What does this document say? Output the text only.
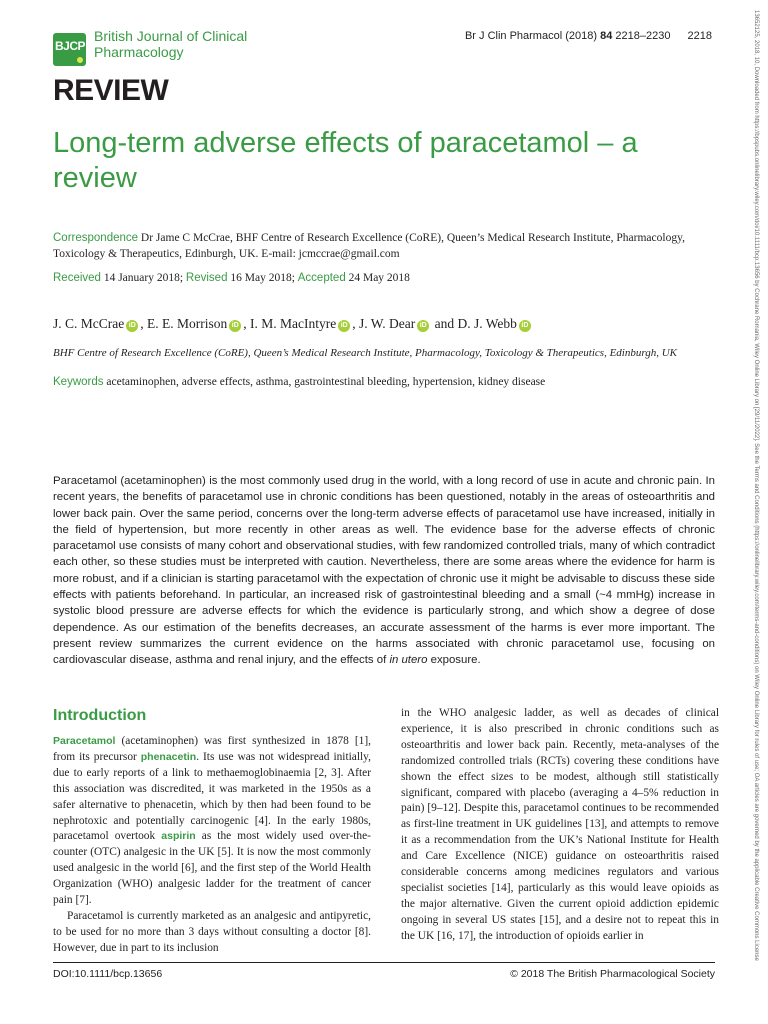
BJCP
British Journal of Clinical
Pharmacology
Br J Clin Pharmacol (2018) 84 2218–2230 2218
REVIEW
Long-term adverse effects of paracetamol – a review
Correspondence Dr Jame C McCrae, BHF Centre of Research Excellence (CoRE), Queen’s Medical Research Institute, Pharmacology, Toxicology & Therapeutics, Edinburgh, UK. E-mail: jcmccrae@gmail.com
Received 14 January 2018; Revised 16 May 2018; Accepted 24 May 2018
J. C. McCrae iD , E. E. Morrison iD , I. M. MacIntyre iD , J. W. Dear iD and D. J. Webb iD
BHF Centre of Research Excellence (CoRE), Queen’s Medical Research Institute, Pharmacology, Toxicology & Therapeutics, Edinburgh, UK
Keywords acetaminophen, adverse effects, asthma, gastrointestinal bleeding, hypertension, kidney disease
Paracetamol (acetaminophen) is the most commonly used drug in the world, with a long record of use in acute and chronic pain. In recent years, the benefits of paracetamol use in chronic conditions has been questioned, notably in the areas of osteoarthritis and lower back pain. Over the same period, concerns over the long-term adverse effects of paracetamol use have increased, initially in the field of hypertension, but more recently in other areas as well. The evidence base for the adverse effects of chronic paracetamol use consists of many cohort and observational studies, with few randomized controlled trials, many of which contradict each other, so these studies must be interpreted with caution. Nevertheless, there are some areas where the evidence for harm is more robust, and if a clinician is starting paracetamol with the expectation of chronic use it might be advisable to discuss these side effects with patients beforehand. In particular, an increased risk of gastrointestinal bleeding and a small (~4 mmHg) increase in systolic blood pressure are adverse effects for which the evidence is particularly strong, and which show a degree of dose dependence. As our estimation of the benefits decreases, an accurate assessment of the harms is ever more important. The present review summarizes the current evidence on the harms associated with chronic paracetamol use, focusing on cardiovascular disease, asthma and renal injury, and the effects of in utero exposure.
Introduction

Paracetamol (acetaminophen) was first synthesized in 1878 [1], from its precursor phenacetin. Its use was not widespread initially, due to early reports of a link to methaemoglobinaemia [2, 3]. After this association was discredited, it was marketed in the 1950s as a safer alternative to phenacetin, which by then had been found to be nephrotoxic and potentially carcinogenic [4]. In the early 1980s, paracetamol overtook aspirin as the most widely used over-the-counter (OTC) analgesic in the UK [5]. It is now the most commonly used analgesic in the world [6], and the first step of the World Health Organization (WHO) analgesic ladder for the treatment of cancer pain [7].

Paracetamol is currently marketed as an analgesic and antipyretic, to be used for no more than 3 days without consulting a doctor [8]. However, due in part to its inclusion

in the WHO analgesic ladder, as well as decades of clinical experience, it is also prescribed in chronic conditions such as osteoarthritis and lower back pain. Recently, meta-analyses of the randomized controlled trials (RCTs) covering these conditions have shown the effect sizes to be modest, although still statistically significant, compared with placebo (averaging a 4–5% reduction in pain) [9–12]. Despite this, paracetamol continues to be recommended as first-line treatment in UK guidelines [13], and attempts to remove it as a recommendation from the UK’s National Institute for Health and Care Excellence (NICE) guidance on osteoarthritis raised considerable concerns among medicines regulators and various specialist societies [14], particularly as this would leave opioids as the major alternative. Given the current opioid addiction epidemic ongoing in several US states [15], and a desire not to repeat this in the UK [16, 17], the introduction of opioids earlier in

DOI:10.1111/bcp.13656	© 2018 The British Pharmacological Society
13652125, 2018, 10, Downloaded from https://bpspubs.onlinelibrary.wiley.com/doi/10.1111/bcp.13656 by Cochrane Romania, Wiley Online Library on [29/11/2022]. See the Terms and Conditions (https://onlinelibrary.wiley.com/terms-and-conditions) on Wiley Online Library for rules of use; OA articles are governed by the applicable Creative Commons License
